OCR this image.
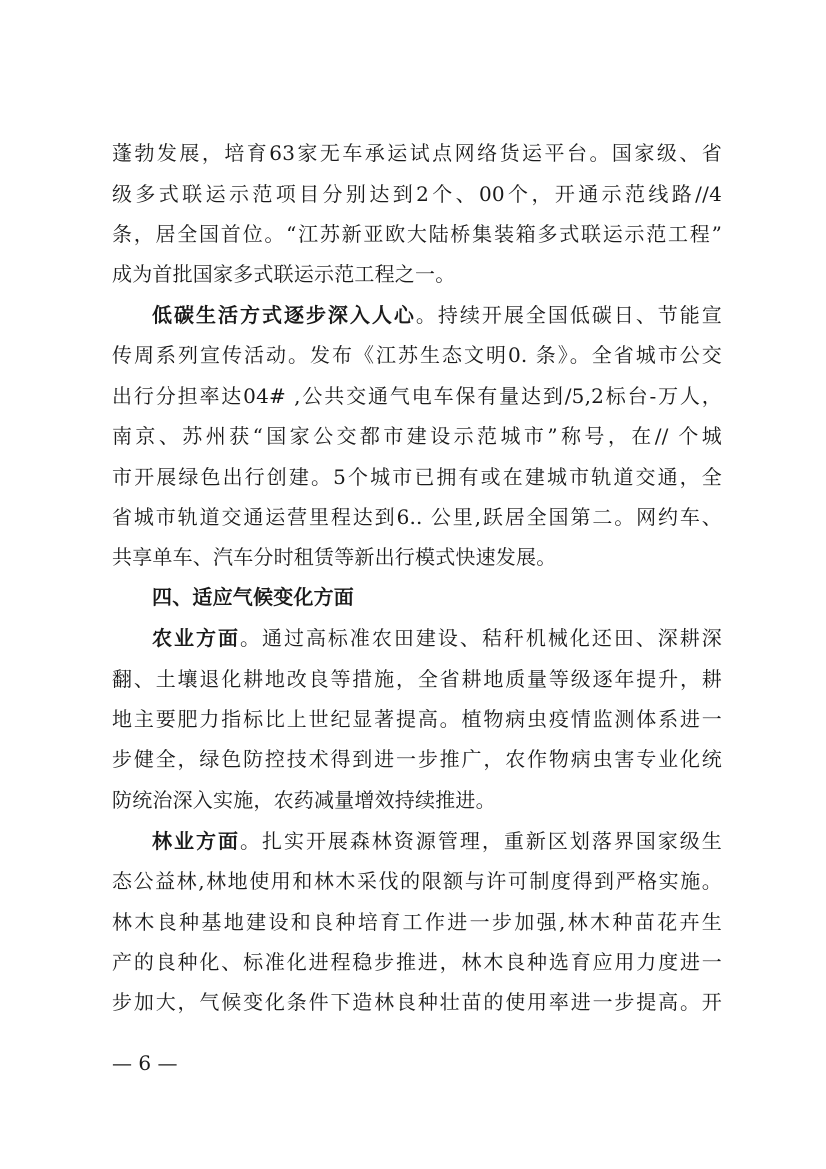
蓬勃发展，培育63家无车承运试点网络货运平台。国家级、省
级多式联运示范项目分别达到2个、00个，开通示范线路//4
条，居全国首位。“江苏新亚欧大陆桥集装箱多式联运示范工程”
成为首批国家多式联运示范工程之一。
低碳生活方式逐步深入人心。持续开展全国低碳日、节能宣
传周系列宣传活动。发布《江苏生态文明0. 条》。全省城市公交
出行分担率达04# ,公共交通气电车保有量达到/5,2标台-万人，
南京、苏州获“国家公交都市建设示范城市”称号，在// 个城
市开展绿色出行创建。5个城市已拥有或在建城市轨道交通，全
省城市轨道交通运营里程达到6.. 公里,跃居全国第二。网约车、
共享单车、汽车分时租赁等新出行模式快速发展。
四、适应气候变化方面
农业方面。通过高标准农田建设、秸秆机械化还田、深耕深
翻、土壤退化耕地改良等措施，全省耕地质量等级逐年提升，耕
地主要肥力指标比上世纪显著提高。植物病虫疫情监测体系进一
步健全，绿色防控技术得到进一步推广，农作物病虫害专业化统
防统治深入实施，农药减量增效持续推进。
林业方面。扎实开展森林资源管理，重新区划落界国家级生
态公益林,林地使用和林木采伐的限额与许可制度得到严格实施。
林木良种基地建设和良种培育工作进一步加强,林木种苗花卉生
产的良种化、标准化进程稳步推进，林木良种选育应用力度进一
步加大，气候变化条件下造林良种壮苗的使用率进一步提高。开
— 6 —
